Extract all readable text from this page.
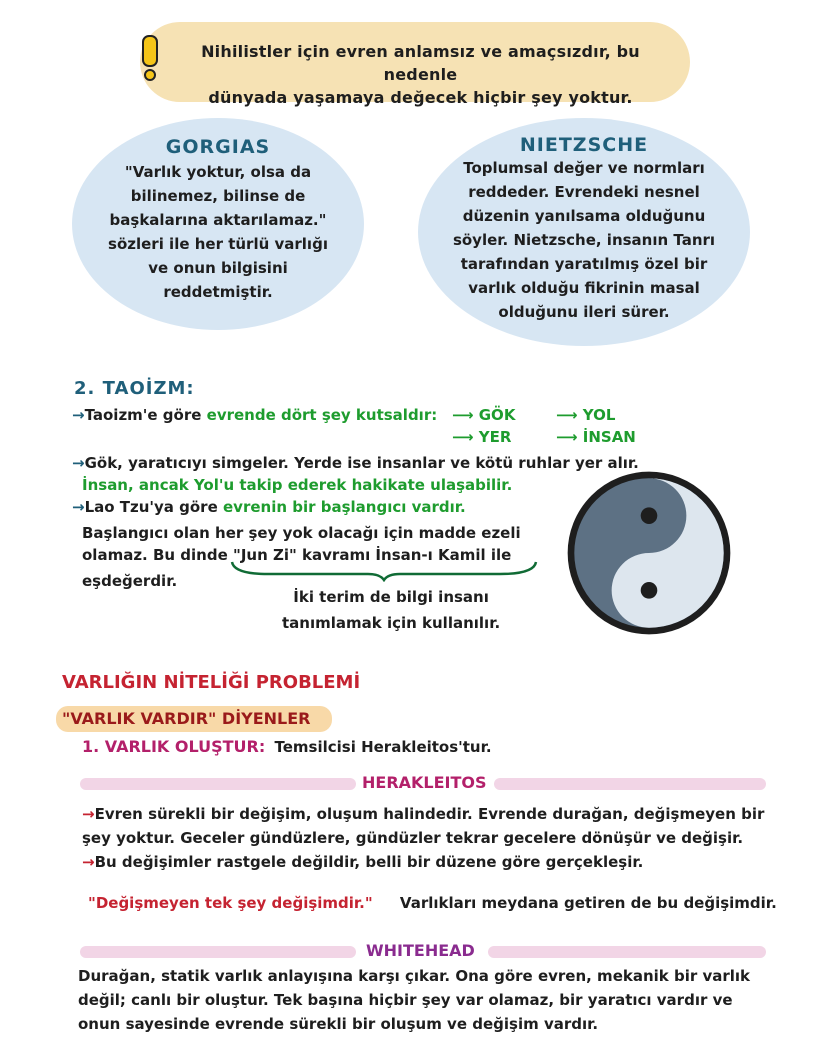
Nihilistler için evren anlamsız ve amaçsızdır, bu nedenle
dünyada yaşamaya değecek hiçbir şey yoktur.
GORGIAS
"Varlık yoktur, olsa da
bilinemez, bilinse de
başkalarına aktarılamaz."
sözleri ile her türlü varlığı
ve onun bilgisini
reddetmiştir.
NIETZSCHE
Toplumsal değer ve normları
reddeder. Evrendeki nesnel
düzenin yanılsama olduğunu
söyler. Nietzsche, insanın Tanrı
tarafından yaratılmış özel bir
varlık olduğu fikrinin masal
olduğunu ileri sürer.
2. TAOİZM:
→Taoizm'e göre evrende dört şey kutsaldır: ⟶ GÖK	⟶ YOL
⟶ YER	⟶ İNSAN
→Gök, yaratıcıyı simgeler. Yerde ise insanlar ve kötü ruhlar yer alır.
İnsan, ancak Yol'u takip ederek hakikate ulaşabilir.
→Lao Tzu'ya göre evrenin bir başlangıcı vardır.
Başlangıcı olan her şey yok olacağı için madde ezeli
olamaz. Bu dinde "Jun Zi" kavramı İnsan-ı Kamil ile
eşdeğerdir.
İki terim de bilgi insanı
tanımlamak için kullanılır.
VARLIĞIN NİTELİĞİ PROBLEMİ
"VARLIK VARDIR" DİYENLER
1. VARLIK OLUŞTUR: Temsilcisi Herakleitos'tur.
HERAKLEITOS
→Evren sürekli bir değişim, oluşum halindedir. Evrende durağan, değişmeyen bir
şey yoktur. Geceler gündüzlere, gündüzler tekrar gecelere dönüşür ve değişir.
→Bu değişimler rastgele değildir, belli bir düzene göre gerçekleşir.
"Değişmeyen tek şey değişimdir." Varlıkları meydana getiren de bu değişimdir.
WHITEHEAD
Durağan, statik varlık anlayışına karşı çıkar. Ona göre evren, mekanik bir varlık
değil; canlı bir oluştur. Tek başına hiçbir şey var olamaz, bir yaratıcı vardır ve
onun sayesinde evrende sürekli bir oluşum ve değişim vardır.
